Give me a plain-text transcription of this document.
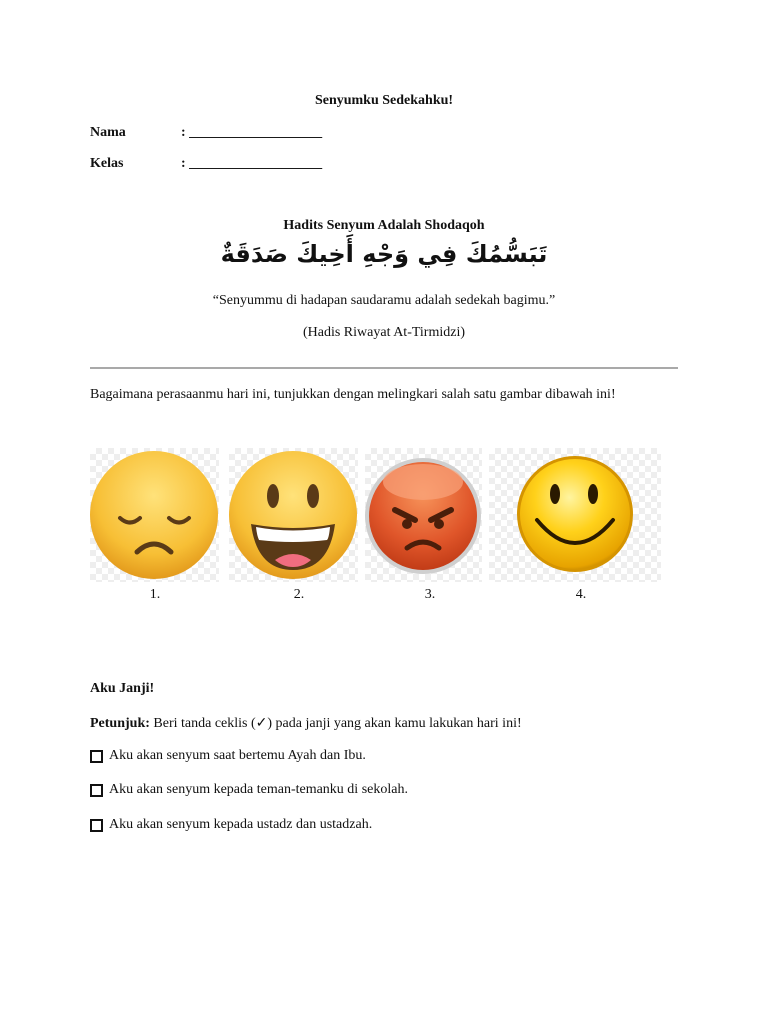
Senyumku Sedekahku!
Nama	: ___________________
Kelas	: ___________________
Hadits Senyum Adalah Shodaqoh
تَبَسُّمُكَ فِي وَجْهِ أَخِيكَ صَدَقَةٌ
“Senyummu di hadapan saudaramu adalah sedekah bagimu.”
(Hadis Riwayat At-Tirmidzi)
Bagaimana perasaanmu hari ini, tunjukkan dengan melingkari salah satu gambar dibawah ini!
1.	2.	3.	4.
Aku Janji!
Petunjuk: Beri tanda ceklis (✓) pada janji yang akan kamu lakukan hari ini!
Aku akan senyum saat bertemu Ayah dan Ibu.
Aku akan senyum kepada teman-temanku di sekolah.
Aku akan senyum kepada ustadz dan ustadzah.
